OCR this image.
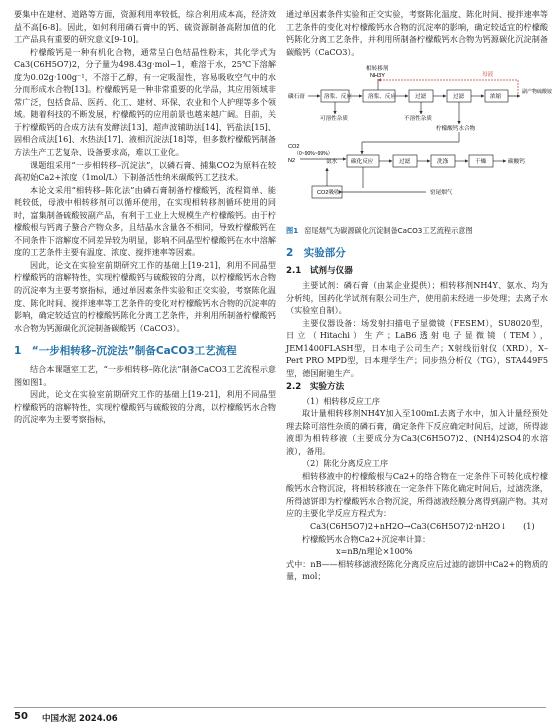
要集中在建材、道路等方面，资源利用率较低，综合利用成本高，经济效益不高[6-8]。因此，如何利用磷石膏中的钙、硫资源制备高附加值的化工产品具有重要的研究意义[9-10]。

柠檬酸钙是一种有机化合物，通常呈白色结晶性粉末，其化学式为Ca3(C6H5O7)2，分子量为498.43g·mol−1，难溶于水，25℃下溶解度为0.02g·100g⁻¹，不溶于乙醇，有一定吸湿性，容易吸收空气中的水分而形成水合物[13]。柠檬酸钙是一种非常重要的化学品，其应用领域非常广泛，包括食品、医药、化工、建材、环保、农业和个人护理等多个领域。随着科技的不断发展，柠檬酸钙的应用前景也越来越广阔。目前，关于柠檬酸钙的合成方法有发酵法[13]、超声波辅助法[14]、钙盐法[15]、固相合成法[16]、水热法[17]、液相沉淀法[18]等，但多数柠檬酸钙制备方法生产工艺复杂、设备要求高，难以工业化。

课题组采用“一步相转移–沉淀法”，以磷石膏、捕集CO2为原料在较高初始Ca2+浓度（1mol/L）下制备活性纳米碳酸钙工艺技术。

本论文采用“相转移–陈化法”由磷石膏制备柠檬酸钙，流程简单、能耗较低，母液中相转移剂可以循环使用，在实现相转移剂循环使用的同时，富集制备硫酸铵副产品，有利于工业上大规模生产柠檬酸钙。由于柠檬酸根与钙离子螯合产物众多，且结晶水含量各不相同，导致柠檬酸钙在不同条件下溶解度不同差异较为明显，影响不同晶型柠檬酸钙在水中溶解度的工艺条件主要有温度、浓度、搅拌速率等因素。

因此，论文在实验室前期研究工作的基础上[19-21]，利用不同晶型柠檬酸钙的溶解特性，实现柠檬酸钙与硫酸铵的分离，以柠檬酸钙水合物的沉淀率为主要考察指标，通过单因素条件实验和正交实验，考察陈化温度、陈化时间、搅拌速率等工艺条件的变化对柠檬酸钙水合物的沉淀率的影响，确定较适宜的柠檬酸钙陈化分离工艺条件，并利用所制备柠檬酸钙水合物为钙源碳化沉淀制备碳酸钙（CaCO3）。

1　“一步相转移–沉淀法”制备CaCO3工艺流程

结合本课题室工艺，“一步相转移–陈化法”制备CaCO3工艺流程示意图如图1。

因此，论文在实验室前期研究工作的基础上[19-21]，利用不同晶型柠檬酸钙的溶解特性，实现柠檬酸钙与硫酸铵的分离，以柠檬酸钙水合物的沉淀率为主要考察指标，

通过单因素条件实验和正交实验，考察陈化温度、陈化时间、搅拌速率等工艺条件的变化对柠檬酸钙水合物的沉淀率的影响，确定较适宜的柠檬酸钙陈化分离工艺条件，并利用所制备柠檬酸钙水合物为钙源碳化沉淀制备碳酸钙（CaCO3）。

相转移剂
NH3Y
磷石膏	溶浆、反应	溶浆、反应	过滤
母液
过滤	浓缩
副产物硫酸铵
可溶性杂质	不溶性杂质
柠檬酸钙水合物
CO2
N2
（0~90%~99%）
氨水 碳化反应	过滤	洗涤	干燥	碳酸钙
CO2吸收	窑尾烟气
图1 窑尾烟气为碳源碳化沉淀制备CaCO3工艺流程示意图
2　实验部分
2.1　试剂与仪器

主要试剂：磷石膏（由某企业提供）；相转移剂NH4Y、氨水、均为分析纯，国药化学试剂有限公司生产，使用前未经进一步处理；去离子水（实验室自制）。

主要仪器设备：场发射扫描电子显微镜（FESEM），SU8020型，日立（Hitachi）生产；LaB6透射电子显微镜（TEM），JEM1400FLASH型，日本电子公司生产；X射线衍射仪（XRD），X–Pert PRO MPD型，日本理学生产；同步热分析仪（TG），STA449F5型，德国耐驰生产。

2.2　实验方法

（1）相转移反应工序

取计量相转移剂NH4Y加入至100mL去离子水中，加入计量经预处理去除可溶性杂质的磷石膏，确定条件下反应确定时间后，过滤，所得滤液即为相转移液（主要成分为Ca3(C6H5O7)2、(NH4)2SO4的水溶液），备用。

（2）陈化分离反应工序

相转移液中的柠檬酸根与Ca2+的络合物在一定条件下可转化成柠檬酸钙水合物沉淀，将相转移液在一定条件下陈化确定时间后，过滤洗涤，所得滤饼即为柠檬酸钙水合物沉淀，所得滤液经膜分离得到副产物。其对应的主要化学反应方程式为：

Ca3(C6H5O7)2+nH2O→Ca3(C6H5O7)2·nH2O↓　　(1)

柠檬酸钙水合物Ca2+沉淀率计算：

x=nB/n理论×100%

式中：nB——相转移滤液经陈化分离反应后过滤的滤饼中Ca2+的物质的量，mol；

50 中国水泥 2024.06
